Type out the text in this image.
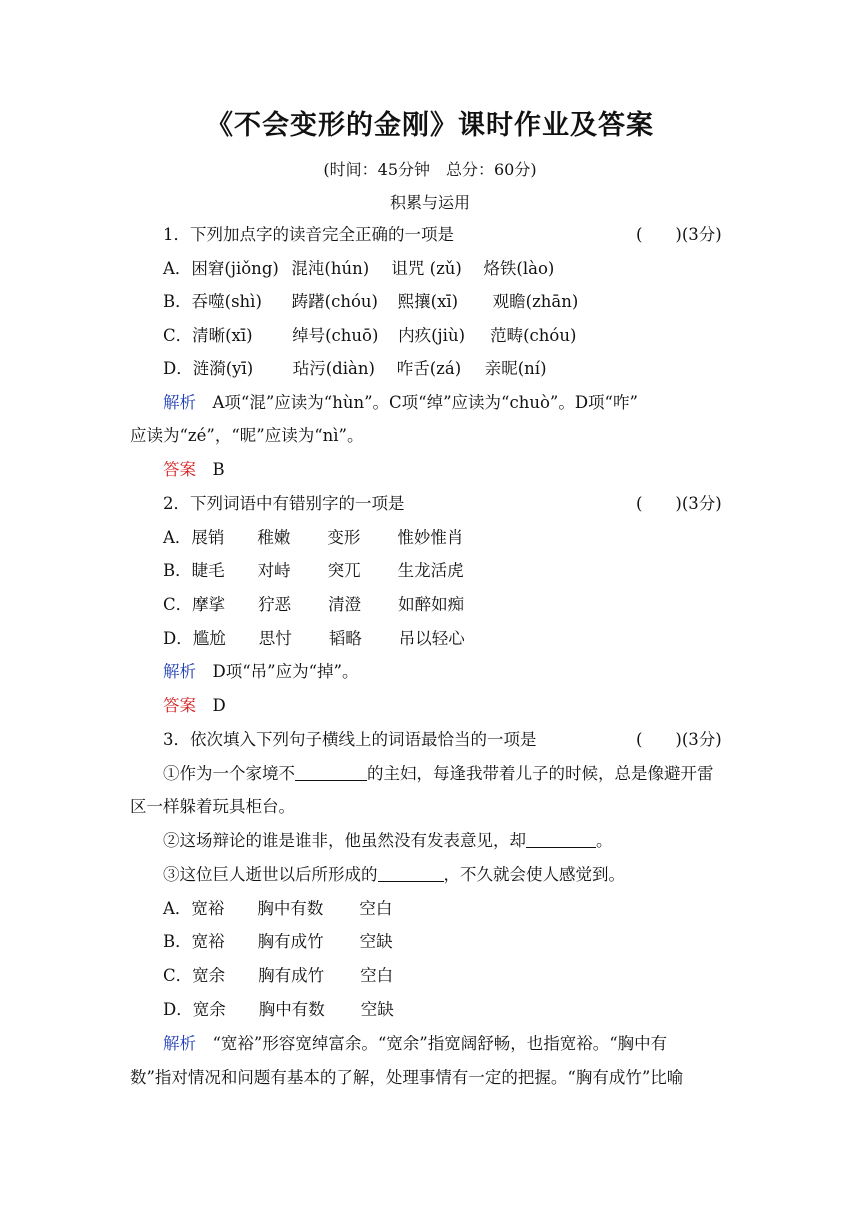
《不会变形的金刚》课时作业及答案
(时间：45分钟　总分：60分)
积累与运用
1．下列加点字的读音完全正确的一项是	(　　)(3分)
A．困窘(jiǒng) 混沌(hún) 诅咒 (zǔ) 烙铁(lào)
B．吞噬(shì) 踌躇(chóu) 熙攘(xī) 观瞻(zhān)
C．清晰(xī) 绰号(chuō) 内疚(jiù) 范畴(chóu)
D．涟漪(yī) 玷污(diàn) 咋舌(zá) 亲昵(ní)
解析　 A项“混”应读为“hùn”。C项“绰”应读为“chuò”。D项“咋”
应读为“zé”，“昵”应读为“nì”。
答案　 B
2．下列词语中有错别字的一项是	(　　)(3分)
A．展销 稚嫩 变形 惟妙惟肖
B．睫毛 对峙 突兀 生龙活虎
C．摩挲 狞恶 清澄 如醉如痴
D．尴尬 思忖 韬略 吊以轻心
解析　 D项“吊”应为“掉”。
答案　 D
3．依次填入下列句子横线上的词语最恰当的一项是	(　　)(3分)
①作为一个家境不	的主妇，每逢我带着儿子的时候，总是像避开雷
区一样躲着玩具柜台。
②这场辩论的谁是谁非，他虽然没有发表意见，却	。
③这位巨人逝世以后所形成的	，不久就会使人感觉到。
A．宽裕 胸中有数 空白
B．宽裕 胸有成竹 空缺
C．宽余 胸有成竹 空白
D．宽余 胸中有数 空缺
解析　 “宽裕”形容宽绰富余。“宽余”指宽阔舒畅，也指宽裕。“胸中有
数”指对情况和问题有基本的了解，处理事情有一定的把握。“胸有成竹”比喻
